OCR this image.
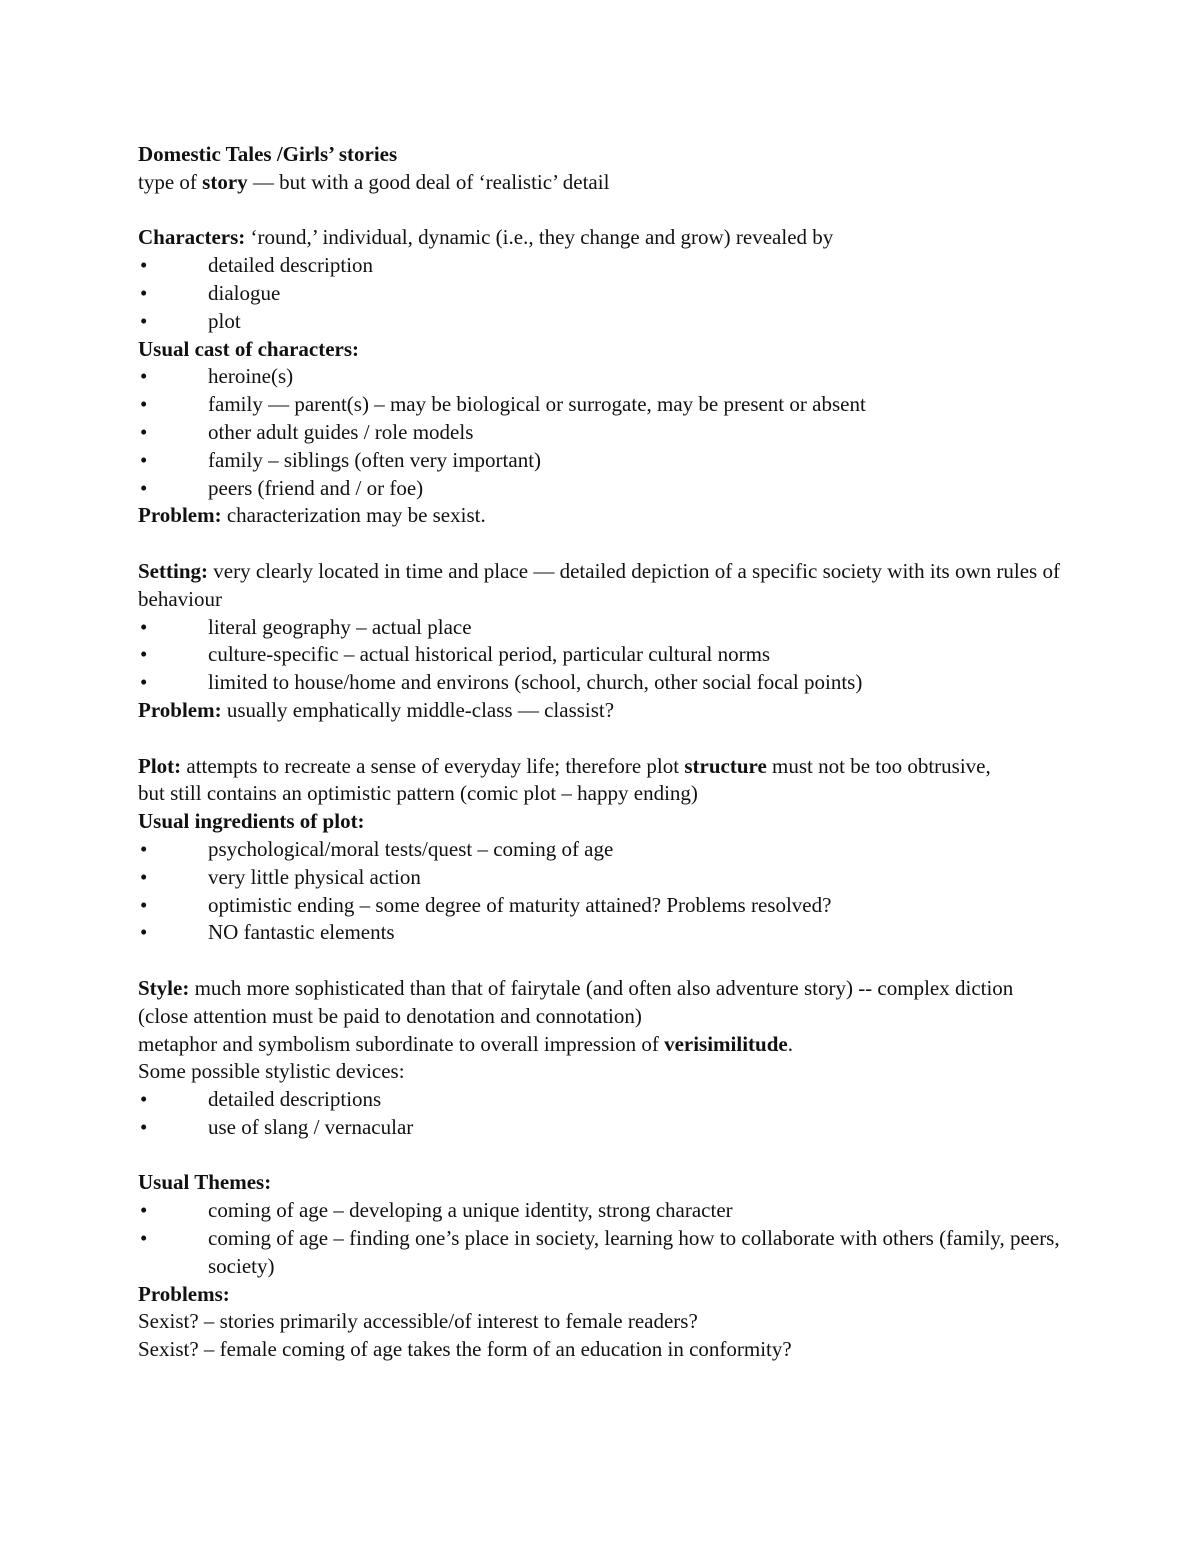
Domestic Tales /Girls’ stories
type of story — but with a good deal of ‘realistic’ detail
Characters: ‘round,’ individual, dynamic (i.e., they change and grow) revealed by
•	detailed description
•	dialogue
•	plot
Usual cast of characters:
•	heroine(s)
•	family — parent(s) – may be biological or surrogate, may be present or absent
•	other adult guides / role models
•	family – siblings (often very important)
•	peers (friend and / or foe)
Problem: characterization may be sexist.
Setting: very clearly located in time and place — detailed depiction of a specific society with its own rules of behaviour
•	literal geography – actual place
•	culture-specific – actual historical period, particular cultural norms
•	limited to house/home and environs (school, church, other social focal points)
Problem: usually emphatically middle-class — classist?
Plot: attempts to recreate a sense of everyday life; therefore plot structure must not be too obtrusive,
but still contains an optimistic pattern (comic plot – happy ending)
Usual ingredients of plot:
•	psychological/moral tests/quest – coming of age
•	very little physical action
•	optimistic ending – some degree of maturity attained? Problems resolved?
•	NO fantastic elements
Style: much more sophisticated than that of fairytale (and often also adventure story) -- complex diction (close attention must be paid to denotation and connotation)
metaphor and symbolism subordinate to overall impression of verisimilitude.
Some possible stylistic devices:
•	detailed descriptions
•	use of slang / vernacular
Usual Themes:
•	coming of age – developing a unique identity, strong character
•	coming of age – finding one’s place in society, learning how to collaborate with others (family, peers, society)
Problems:
Sexist? – stories primarily accessible/of interest to female readers?
Sexist? – female coming of age takes the form of an education in conformity?
